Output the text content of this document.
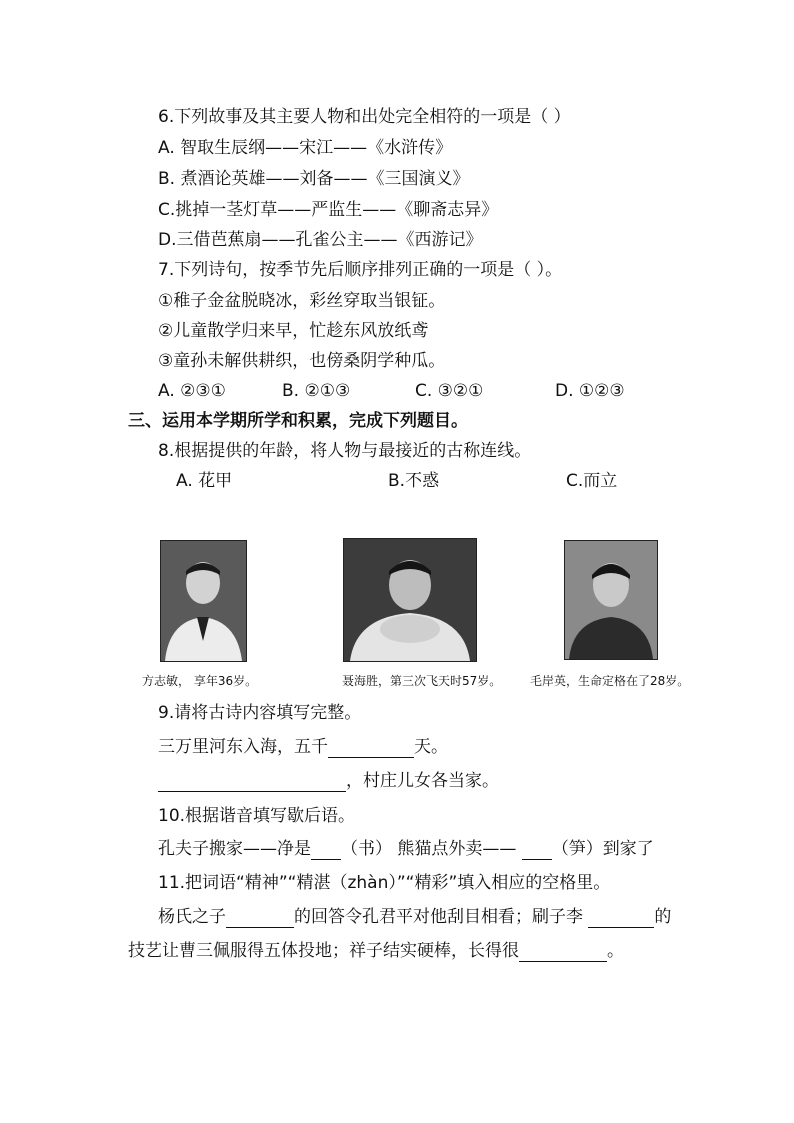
6.下列故事及其主要人物和出处完全相符的一项是（ ）
A. 智取生辰纲——宋江——《水浒传》
B. 煮酒论英雄——刘备——《三国演义》
C.挑掉一茎灯草——严监生——《聊斋志异》
D.三借芭蕉扇——孔雀公主——《西游记》
7.下列诗句，按季节先后顺序排列正确的一项是（ ）。
①稚子金盆脱晓冰，彩丝穿取当银钲。
②儿童散学归来早，忙趁东风放纸鸢
③童孙未解供耕织，也傍桑阴学种瓜。
A. ②③①	B. ②①③	C. ③②①	D. ①②③
三、运用本学期所学和积累，完成下列题目。
8.根据提供的年龄，将人物与最接近的古称连线。
A. 花甲	B.不惑	C.而立
方志敏， 享年36岁。	聂海胜，第三次飞天时57岁。 毛岸英，生命定格在了28岁。
9.请将古诗内容填写完整。
三万里河东入海，五千	天。
，村庄儿女各当家。
10.根据谐音填写歇后语。
孔夫子搬家——净是 （书） 熊猫点外卖—— （笋）到家了
11.把词语“精神”“精湛（zhàn）”“精彩”填入相应的空格里。
杨氏之子	的回答令孔君平对他刮目相看；刷子李	的
技艺让曹三佩服得五体投地；祥子结实硬棒，长得很	。
